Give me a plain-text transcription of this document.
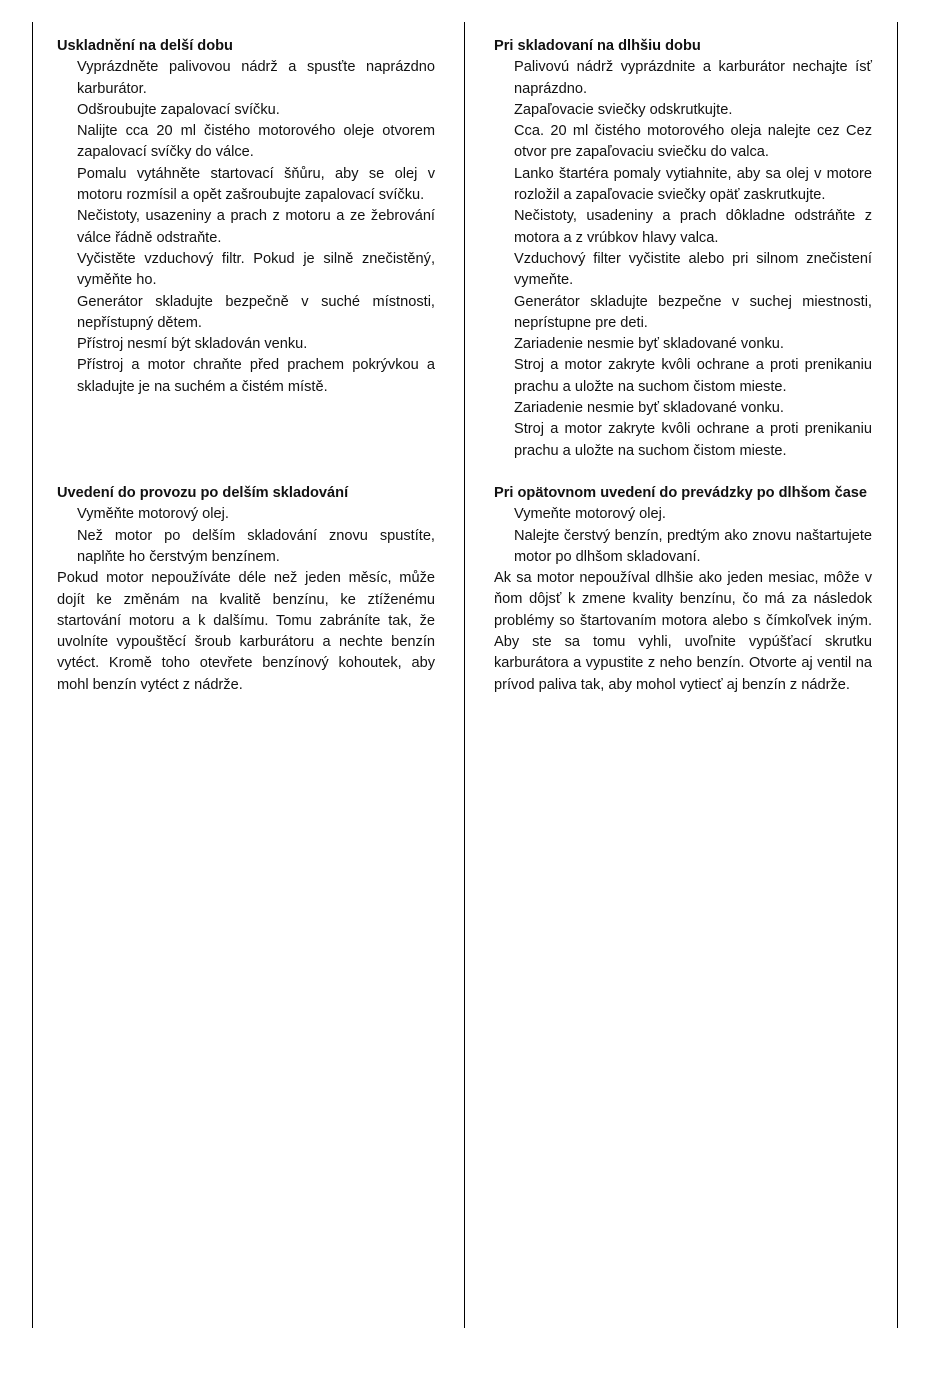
Uskladnění na delší dobu
Vyprázdněte palivovou nádrž a spusťte naprázdno karburátor.
Odšroubujte zapalovací svíčku.
Nalijte cca 20 ml čistého motorového oleje otvorem zapalovací svíčky do válce.
Pomalu vytáhněte startovací šňůru, aby se olej v motoru rozmísil a opět zašroubujte zapalovací svíčku.
Nečistoty, usazeniny a prach z motoru a ze žebrování válce řádně odstraňte.
Vyčistěte vzduchový filtr. Pokud je silně znečistěný, vyměňte ho.
Generátor skladujte bezpečně v suché místnosti, nepřístupný dětem.
Přístroj nesmí být skladován venku.
Přístroj a motor chraňte před prachem pokrývkou a skladujte je na suchém a čistém místě.
Uvedení do provozu po delším skladování
Vyměňte motorový olej.
Než motor po delším skladování znovu spustíte, naplňte ho čerstvým benzínem.
Pokud motor nepoužíváte déle než jeden měsíc, může dojít ke změnám na kvalitě benzínu, ke ztíženému startování motoru a k dalšímu. Tomu zabráníte tak, že uvolníte vypouštěcí šroub karburátoru a nechte benzín vytéct. Kromě toho otevřete benzínový kohoutek, aby mohl benzín vytéct z nádrže.
Pri skladovaní na dlhšiu dobu
Palivovú nádrž vyprázdnite a karburátor nechajte ísť naprázdno.
Zapaľovacie sviečky odskrutkujte.
Cca. 20 ml čistého motorového oleja nalejte cez Cez otvor pre zapaľovaciu sviečku do valca.
Lanko štartéra pomaly vytiahnite, aby sa olej v motore rozložil a zapaľovacie sviečky opäť zaskrutkujte.
Nečistoty, usadeniny a prach dôkladne odstráňte z motora a z vrúbkov hlavy valca.
Vzduchový filter vyčistite alebo pri silnom znečistení vymeňte.
Generátor skladujte bezpečne v suchej miestnosti, neprístupne pre deti.
Zariadenie nesmie byť skladované vonku.
Stroj a motor zakryte kvôli ochrane a proti prenikaniu prachu a uložte na suchom čistom mieste.
Zariadenie nesmie byť skladované vonku.
Stroj a motor zakryte kvôli ochrane a proti prenikaniu prachu a uložte na suchom čistom mieste.
Pri opätovnom uvedení do prevádzky po dlhšom čase
Vymeňte motorový olej.
Nalejte čerstvý benzín, predtým ako znovu naštartujete motor po dlhšom skladovaní.
Ak sa motor nepoužíval dlhšie ako jeden mesiac, môže v ňom dôjsť k zmene kvality benzínu, čo má za následok problémy so štartovaním motora alebo s čímkoľvek iným. Aby ste sa tomu vyhli, uvoľnite vypúšťací skrutku karburátora a vypustite z neho benzín. Otvorte aj ventil na prívod paliva tak, aby mohol vytiecť aj benzín z nádrže.
